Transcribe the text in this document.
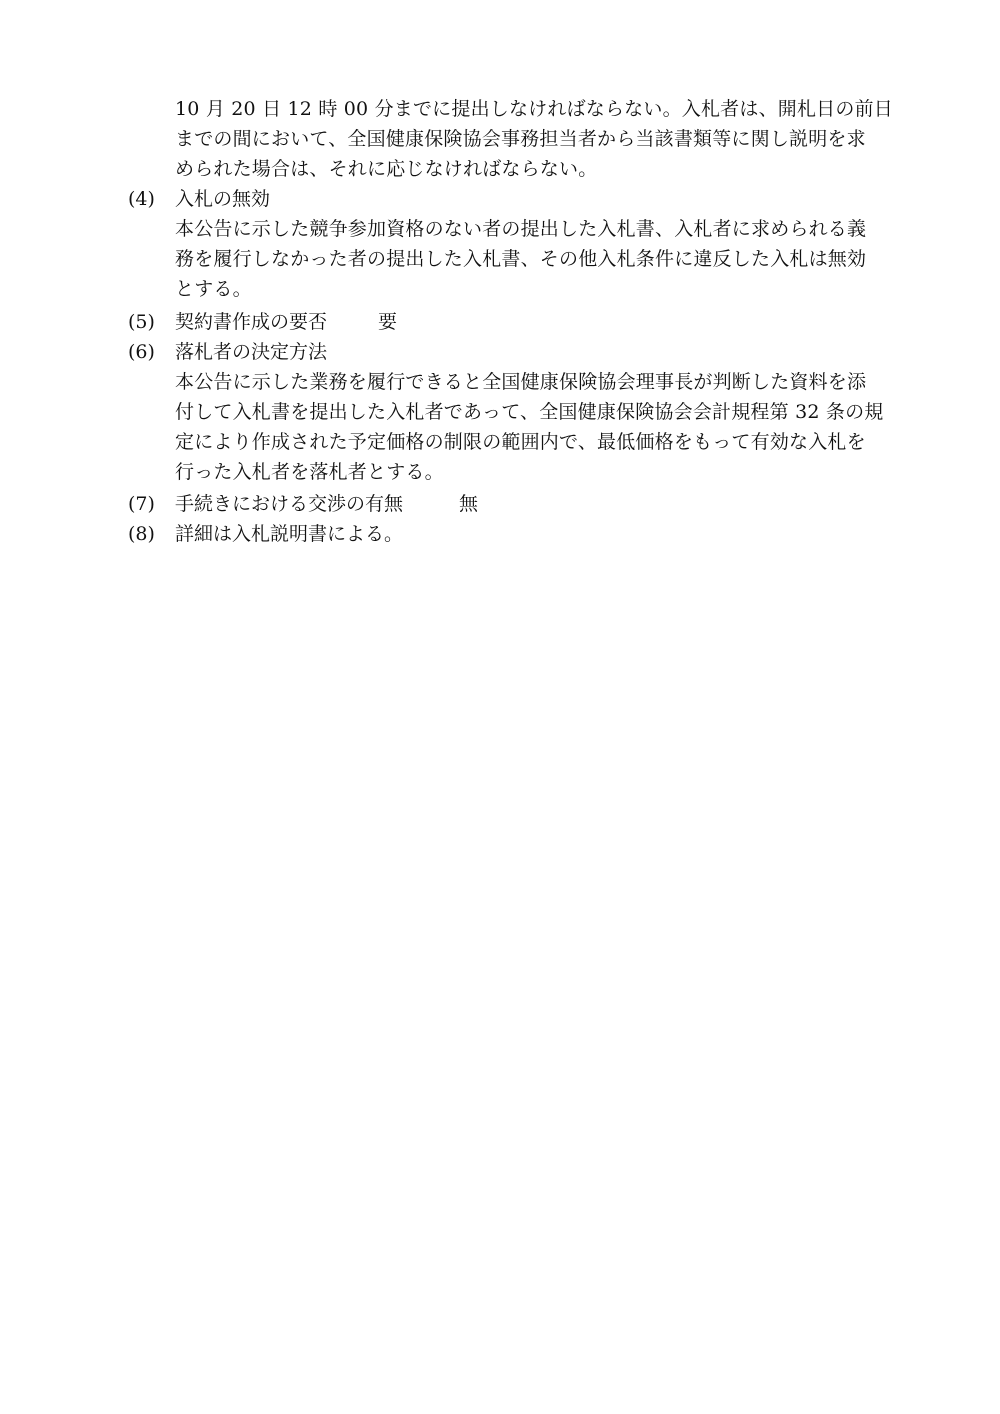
10 月 20 日 12 時 00 分までに提出しなければならない。入札者は、開札日の前日
までの間において、全国健康保険協会事務担当者から当該書類等に関し説明を求
められた場合は、それに応じなければならない。
(4)	入札の無効
本公告に示した競争参加資格のない者の提出した入札書、入札者に求められる義
務を履行しなかった者の提出した入札書、その他入札条件に違反した入札は無効
とする。
(5)	契約書作成の要否	要
(6)	落札者の決定方法
本公告に示した業務を履行できると全国健康保険協会理事長が判断した資料を添
付して入札書を提出した入札者であって、全国健康保険協会会計規程第 32 条の規
定により作成された予定価格の制限の範囲内で、最低価格をもって有効な入札を
行った入札者を落札者とする。
(7)	手続きにおける交渉の有無	無
(8)	詳細は入札説明書による。
